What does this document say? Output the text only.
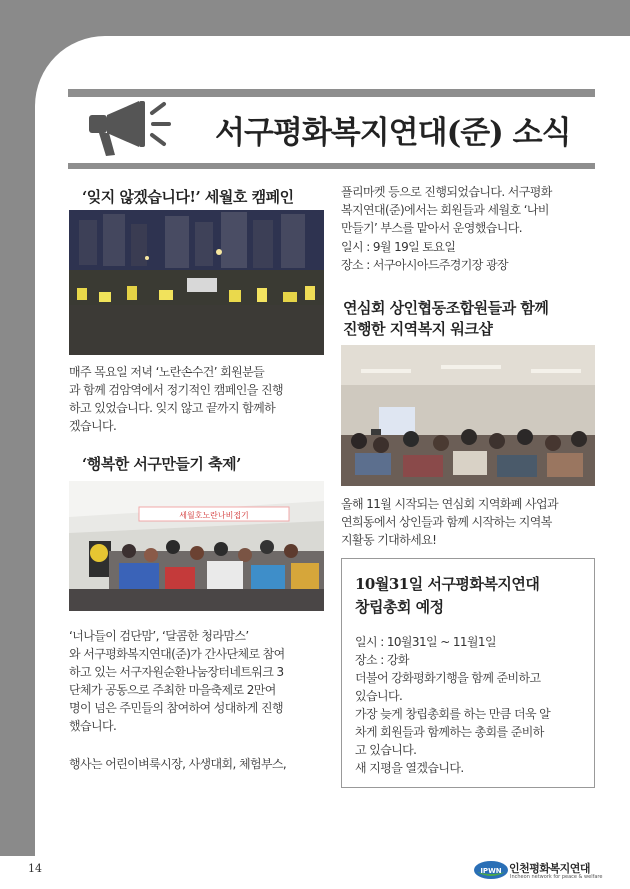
서구평화복지연대(준) 소식
‘잊지 않겠습니다!’ 세월호 캠페인

매주 목요일 저녁 ‘노란손수건’ 회원분들
과 함께 검암역에서 정기적인 캠페인을 진행
하고 있었습니다. 잊지 않고 끝까지 함께하
겠습니다.

‘행복한 서구만들기 축제’
세월호노란나비접기

‘너나들이 검단맘’, ‘달콤한 청라맘스’
와 서구평화복지연대(준)가 간사단체로 참여
하고 있는 서구자원순환나눔장터네트워크 3
단체가 공동으로 주최한 마을축제로 2만여
명이 넘은 주민들의 참여하여 성대하게 진행
했습니다.

행사는 어린이벼룩시장, 사생대회, 체험부스,

플리마켓 등으로 진행되었습니다. 서구평화
복지연대(준)에서는 회원들과 세월호 ‘나비
만들기’ 부스를 맡아서 운영했습니다.

일시 : 9월 19일 토요일

장소 : 서구아시아드주경기장 광장

연심회 상인협동조합원들과 함께
진행한 지역복지 워크샵

올해 11월 시작되는 연심회 지역화폐 사업과
연희동에서 상인들과 함께 시작하는 지역복
지활동 기대하세요!

10월31일 서구평화복지연대
창립총회 예정

일시 : 10월31일 ~ 11월1일

장소 : 강화

더불어 강화평화기행을 함께 준비하고
있습니다.
가장 늦게 창립총회를 하는 만큼 더욱 알
차게 회원들과 함께하는 총회를 준비하
고 있습니다.
새 지평을 열겠습니다.

14	IPWN 인천평화복지연대
Incheon network for peace & welfare
